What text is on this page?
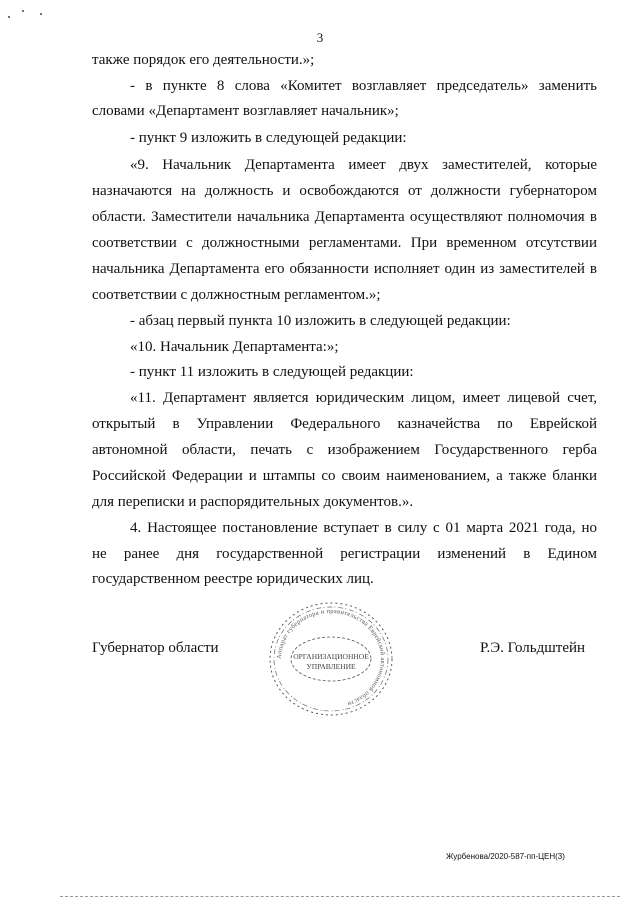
3
также порядок его деятельности.»;
- в пункте 8 слова «Комитет возглавляет председатель» заменить
словами «Департамент возглавляет начальник»;
- пункт 9 изложить в следующей редакции:
«9. Начальник Департамента имеет двух заместителей, которые
назначаются на должность и освобождаются от должности губернатором
области. Заместители начальника Департамента осуществляют полномочия в
соответствии с должностными регламентами. При временном отсутствии
начальника Департамента его обязанности исполняет один из заместителей в
соответствии с должностным регламентом.»;
- абзац первый пункта 10 изложить в следующей редакции:
«10. Начальник Департамента:»;
- пункт 11 изложить в следующей редакции:
«11. Департамент является юридическим лицом, имеет лицевой счет,
открытый в Управлении Федерального казначейства по Еврейской
автономной области, печать с изображением Государственного герба
Российской Федерации и штампы со своим наименованием, а также бланки
для переписки и распорядительных документов.».
4. Настоящее постановление вступает в силу с 01 марта 2021 года, но
не ранее дня государственной регистрации изменений в Едином
государственном реестре юридических лиц.
Губернатор области	Р.Э. Гольдштейн
Аппарат губернатора и правительства Еврейской автономной области
ОРГАНИЗАЦИОННОЕ
УПРАВЛЕНИЕ
Журбенова/2020-587-пп-ЦЕН(3)
